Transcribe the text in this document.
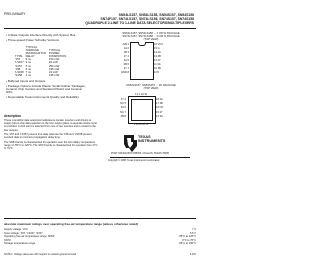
PRELIMINARY	SN54LS157, SN54LS158, SN54S157, SN54S158
SN74F157, SN74LS157, SN74LS158, SN74S157, SN74S158
QUADRUPLE 2-LINE TO 1-LINE DATA SELECTORS/MULTIPLEXERS
• 3-State Outputs Interface Directly with System Bus
• Three-speed Power Schottky Versions
TYPE	TYPICAL AVERAGE PROPAGATION DELAY	TYPICAL POWER DISSIPATION
'157	9 ns	150 mW
'LS157	9 ns	49 mW
'S157	5 ns	250 mW
'158	6 ns	195 mW
'LS158	7 ns	24 mW
'S158	4 ns	195 mW
• Buffered Inputs and Outputs
• Package Options Include Plastic 'Small Outline' Packages, Ceramic Chip Carriers and Standard Plastic and Ceramic DIPs
• Dependable Texas Instruments Quality and Reliability
description

These monolithic data selectors/multiplexers contain inverters and drivers to supply full on-chip data selection to the four output gates. A separate strobe input is provided. A 4-bit word is selected from one of two sources and is routed to the four outputs.

The '157 and 'LS157 present true data whereas the '158 and 'LS158 present inverted data to minimize propagation delay time.

The SN54 family is characterized for operation over the full military temperature range of -55°C to 125°C. The SN74 family is characterized for operation from 0°C to 70°C.

SN54LS157, SN54LS158 ... J OR W PACKAGE
SN74LS157, SN74LS158 ... D OR N PACKAGE
(TOP VIEW)
A/B 1
1A 2
1B 3
1Y 4
2A 5
2B 6
2Y 7
GND 8
16 VCC
15 G
14 4A
13 4B
12 4Y
11 3A
10 3B
9 3Y
SN54LS157, SN54S157 ... FK PACKAGE
(TOP VIEW)
3 2 1 20 19
9 10 11 12 13
1Y 4
NC 5
2A 6
NC 7
2B 8
18 4A
17 4B
16 NC
15 4Y
14 3A
TEXAS
INSTRUMENTS
POST OFFICE BOX 655303 • DALLAS, TEXAS 75265
Copyright © 1988, Texas Instruments Incorporated
absolute maximum ratings over operating free-air temperature range (unless otherwise noted)
Supply voltage, VCC	7 V
Input voltage: '157, 'LS157, 'S157	5.5 V
Operating free-air temperature range: SN54'	-55°C to 125°C
SN74'	0°C to 70°C
Storage temperature range	-65°C to 150°C
NOTE 1: Voltage values are with respect to network ground terminal.	2-457
